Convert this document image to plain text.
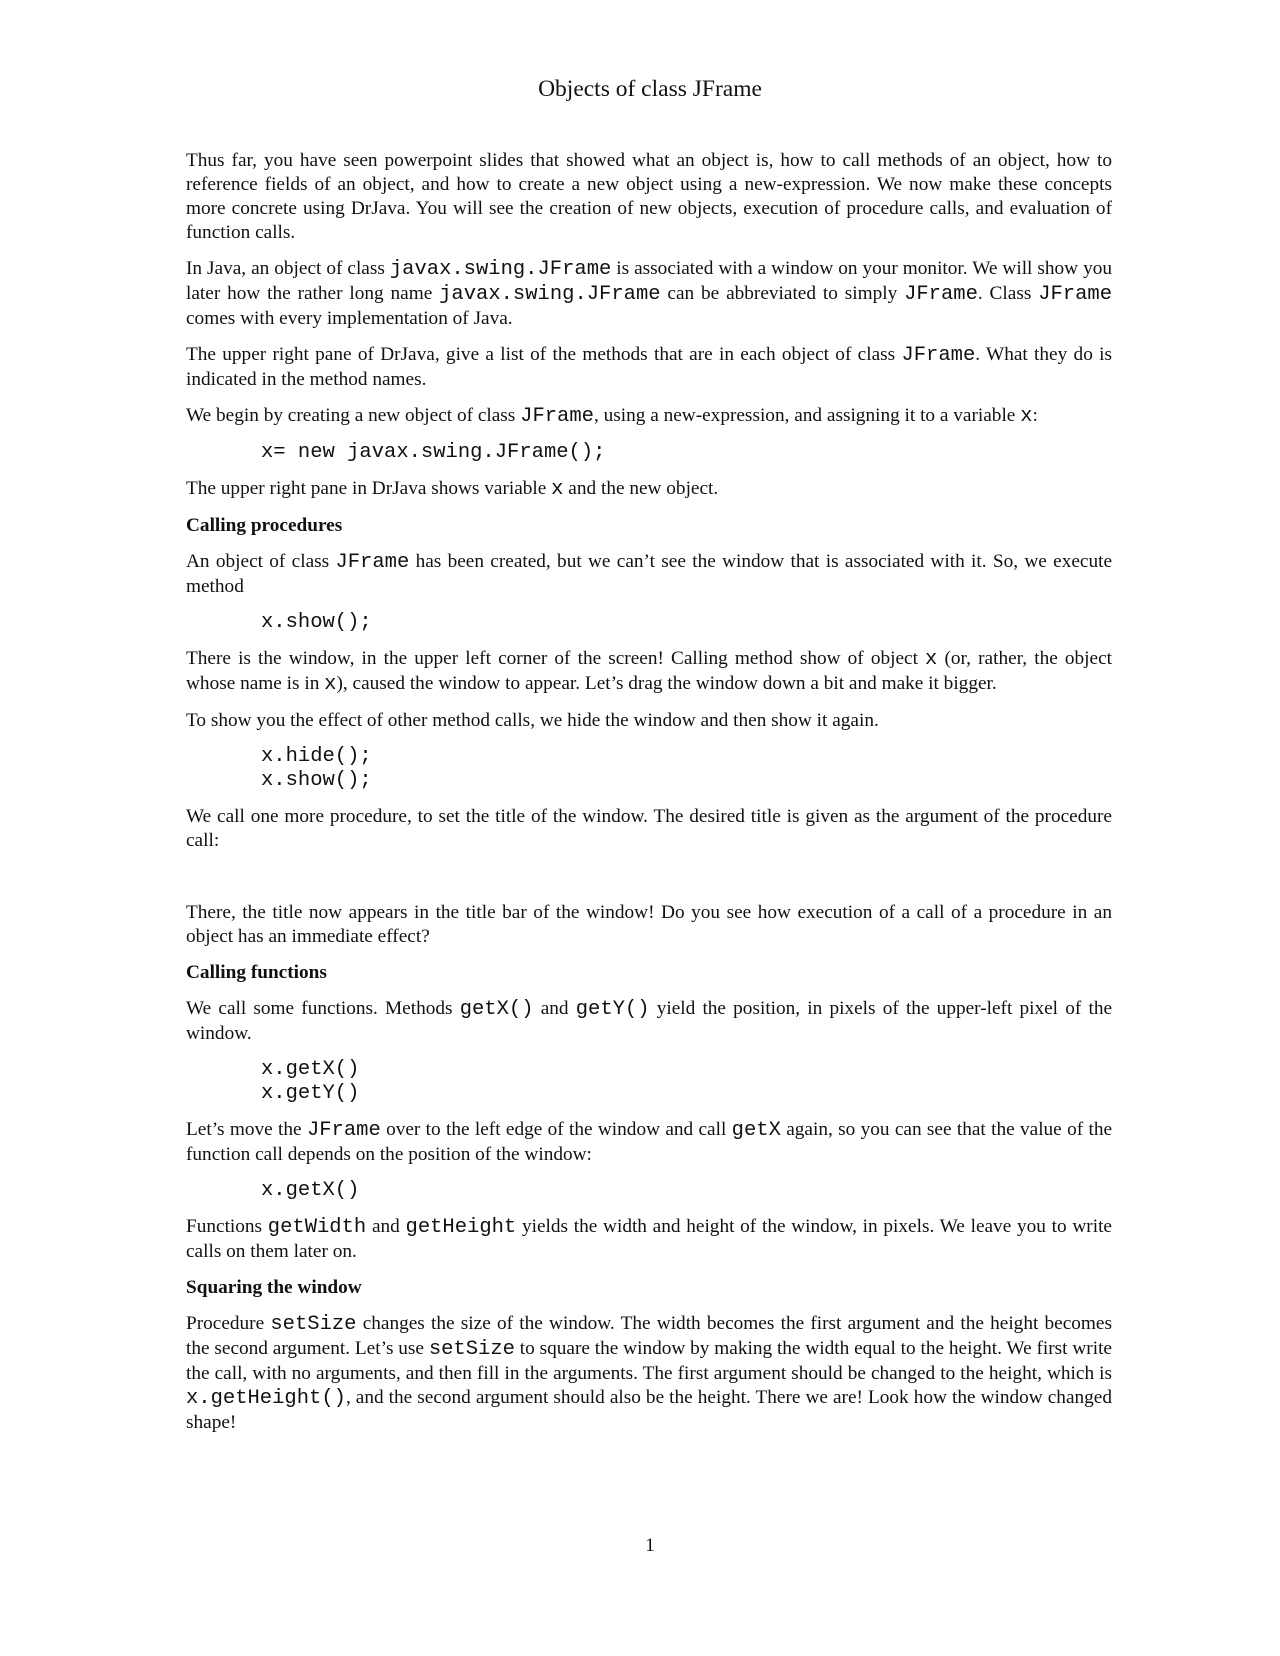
Objects of class JFrame

Thus far, you have seen powerpoint slides that showed what an object is, how to call methods of an object, how to reference fields of an object, and how to create a new object using a new-expression. We now make these concepts more concrete using DrJava. You will see the creation of new objects, execution of procedure calls, and evaluation of function calls.

In Java, an object of class javax.swing.JFrame is associated with a window on your monitor. We will show you later how the rather long name javax.swing.JFrame can be abbreviated to simply JFrame. Class JFrame comes with every implementation of Java.

The upper right pane of DrJava, give a list of the methods that are in each object of class JFrame. What they do is indicated in the method names.

We begin by creating a new object of class JFrame, using a new-expression, and assigning it to a variable x:

x= new javax.swing.JFrame();

The upper right pane in DrJava shows variable x and the new object.

Calling procedures

An object of class JFrame has been created, but we can’t see the window that is associated with it. So, we execute method

x.show();

There is the window, in the upper left corner of the screen! Calling method show of object x (or, rather, the object whose name is in x), caused the window to appear. Let’s drag the window down a bit and make it bigger.

To show you the effect of other method calls, we hide the window and then show it again.

x.hide();
x.show();

We call one more procedure, to set the title of the window. The desired title is given as the argument of the procedure call:

There, the title now appears in the title bar of the window! Do you see how execution of a call of a procedure in an object has an immediate effect?

Calling functions

We call some functions. Methods getX() and getY() yield the position, in pixels of the upper-left pixel of the window.

x.getX()
x.getY()

Let’s move the JFrame over to the left edge of the window and call getX again, so you can see that the value of the function call depends on the position of the window:

x.getX()

Functions getWidth and getHeight yields the width and height of the window, in pixels. We leave you to write calls on them later on.

Squaring the window

Procedure setSize changes the size of the window. The width becomes the first argument and the height becomes the second argument. Let’s use setSize to square the window by making the width equal to the height. We first write the call, with no arguments, and then fill in the arguments. The first argument should be changed to the height, which is x.getHeight(), and the second argument should also be the height. There we are! Look how the window changed shape!

1
